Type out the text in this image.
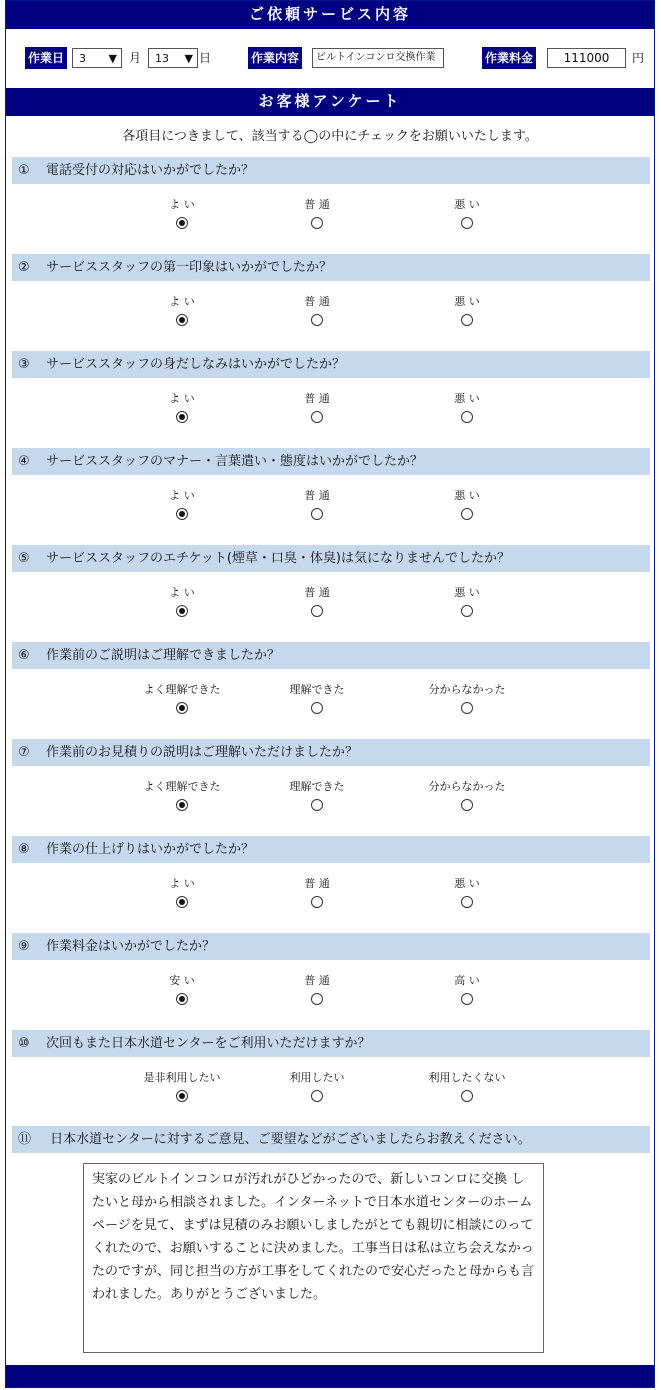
ご依頼サービス内容
作業日	3 ▼ 月	13 ▼ 日	作業内容	ビルトインコンロ交換作業	作業料金	111000	円
お客様アンケート
各項目につきまして、該当する◯の中にチェックをお願いいたします。
① 電話受付の対応はいかがでしたか？
よ い	普 通	悪 い
② サービススタッフの第一印象はいかがでしたか？
よ い	普 通	悪 い
③ サービススタッフの身だしなみはいかがでしたか？
よ い	普 通	悪 い
④ サービススタッフのマナー・言葉遣い・態度はいかがでしたか？
よ い	普 通	悪 い
⑤ サービススタッフのエチケット(煙草・口臭・体臭)は気になりませんでしたか？
よ い	普 通	悪 い
⑥ 作業前のご説明はご理解できましたか？
よく理解できた	理解できた	分からなかった
⑦ 作業前のお見積りの説明はご理解いただけましたか？
よく理解できた	理解できた	分からなかった
⑧ 作業の仕上げりはいかがでしたか？
よ い	普 通	悪 い
⑨ 作業料金はいかがでしたか？
安 い	普 通	高 い
⑩ 次回もまた日本水道センターをご利用いただけますか？
是非利用したい	利用したい	利用したくない
⑪ 日本水道センターに対するご意見、ご要望などがございましたらお教えください。
実家のビルトインコンロが汚れがひどかったので、新しいコンロに交換 したいと母から相談されました。インターネットで日本水道センターのホームページを見て、まずは見積のみお願いしましたがとても親切に相談にのってくれたので、お願いすることに決めました。工事当日は私は立ち会えなかったのですが、同じ担当の方が工事をしてくれたので安心だったと母からも言われました。ありがとうございました。
